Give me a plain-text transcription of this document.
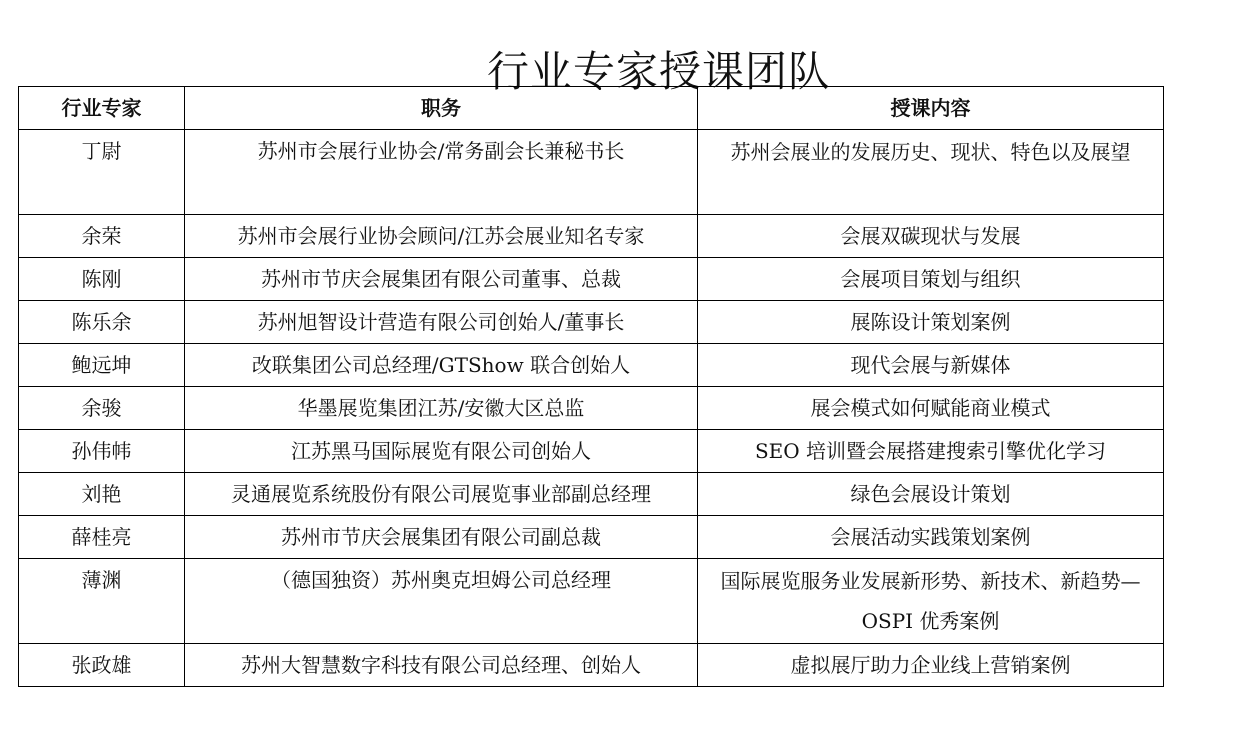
行业专家授课团队
行业专家	职务	授课内容
丁尉	苏州市会展行业协会/常务副会长兼秘书长	苏州会展业的发展历史、现状、特色以及展望
余荣	苏州市会展行业协会顾问/江苏会展业知名专家	会展双碳现状与发展
陈刚	苏州市节庆会展集团有限公司董事、总裁	会展项目策划与组织
陈乐余	苏州旭智设计营造有限公司创始人/董事长	展陈设计策划案例
鲍远坤	改联集团公司总经理/GTShow 联合创始人	现代会展与新媒体
余骏	华墨展览集团江苏/安徽大区总监	展会模式如何赋能商业模式
孙伟帏	江苏黑马国际展览有限公司创始人	SEO 培训暨会展搭建搜索引擎优化学习
刘艳	灵通展览系统股份有限公司展览事业部副总经理	绿色会展设计策划
薛桂亮	苏州市节庆会展集团有限公司副总裁	会展活动实践策划案例
薄渊	（德国独资）苏州奥克坦姆公司总经理	国际展览服务业发展新形势、新技术、新趋势—OSPI 优秀案例
张政雄	苏州大智慧数字科技有限公司总经理、创始人	虚拟展厅助力企业线上营销案例
